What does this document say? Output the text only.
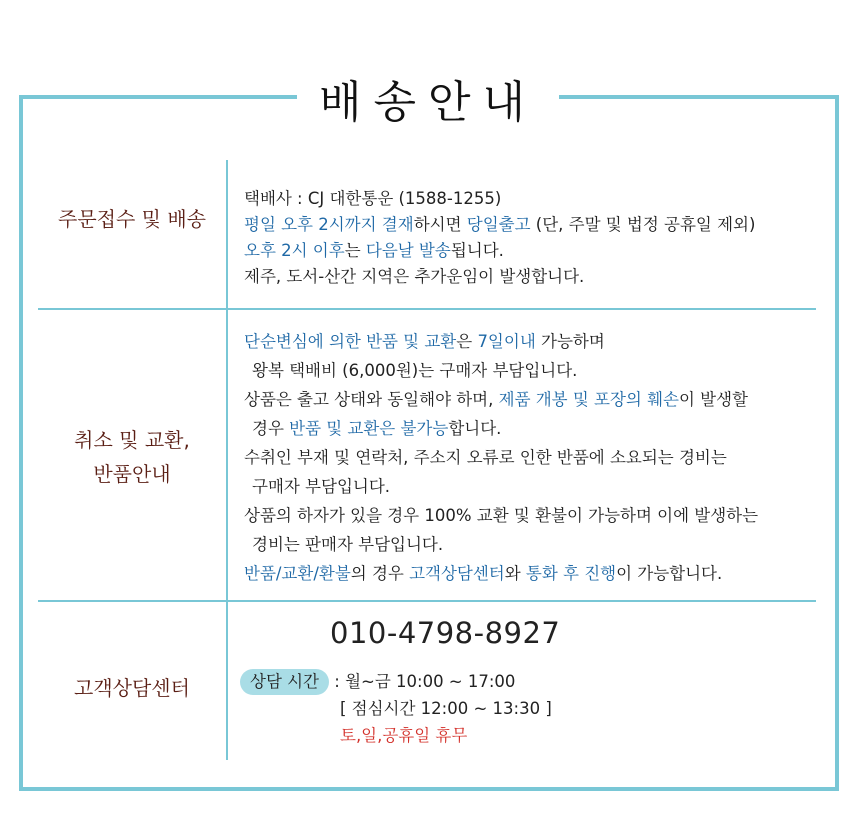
배송안내
주문접수 및 배송
택배사 : CJ 대한통운 (1588-1255)
평일 오후 2시까지 결재하시면 당일출고 (단, 주말 및 법정 공휴일 제외)
오후 2시 이후는 다음날 발송됩니다.
제주, 도서-산간 지역은 추가운임이 발생합니다.
취소 및 교환,
반품안내
단순변심에 의한 반품 및 교환은 7일이내 가능하며
왕복 택배비 (6,000원)는 구매자 부담입니다.
상품은 출고 상태와 동일해야 하며, 제품 개봉 및 포장의 훼손이 발생할
경우 반품 및 교환은 불가능합니다.
수취인 부재 및 연락처, 주소지 오류로 인한 반품에 소요되는 경비는
구매자 부담입니다.
상품의 하자가 있을 경우 100% 교환 및 환불이 가능하며 이에 발생하는
경비는 판매자 부담입니다.
반품/교환/환불의 경우 고객상담센터와 통화 후 진행이 가능합니다.
고객상담센터
010-4798-8927
상담 시간 : 월~금 10:00 ~ 17:00
[ 점심시간 12:00 ~ 13:30 ]
토,일,공휴일 휴무
